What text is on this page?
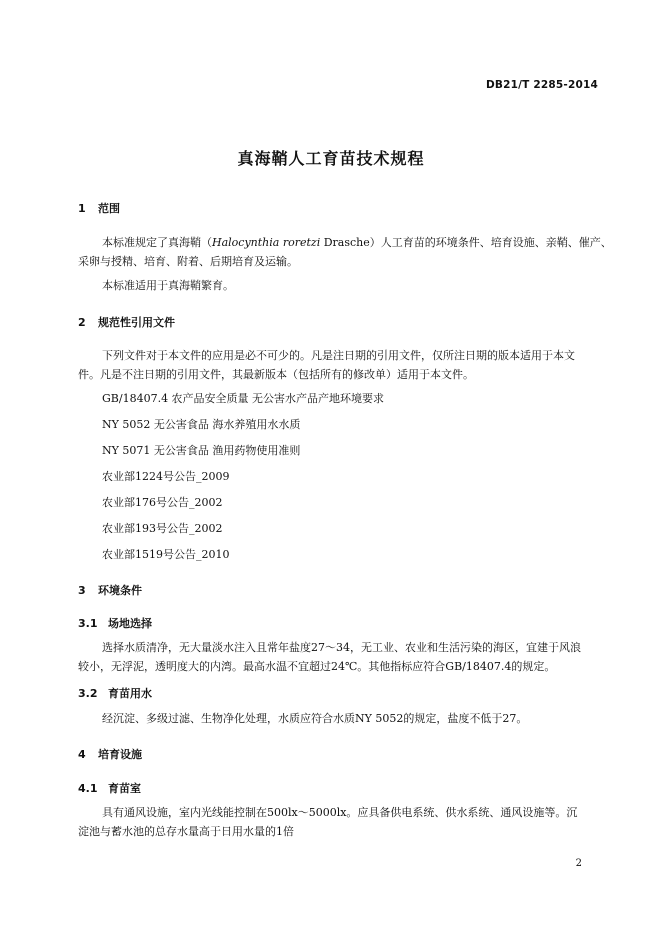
DB21/T 2285-2014
真海鞘人工育苗技术规程
1 范围
本标准规定了真海鞘（Halocynthia roretzi Drasche）人工育苗的环境条件、培育设施、亲鞘、催产、
采卵与授精、培育、附着、后期培育及运输。
本标准适用于真海鞘繁育。
2 规范性引用文件
下列文件对于本文件的应用是必不可少的。凡是注日期的引用文件，仅所注日期的版本适用于本文
件。凡是不注日期的引用文件，其最新版本（包括所有的修改单）适用于本文件。
GB/18407.4 农产品安全质量 无公害水产品产地环境要求
NY 5052 无公害食品 海水养殖用水水质
NY 5071 无公害食品 渔用药物使用准则
农业部1224号公告_2009
农业部176号公告_2002
农业部193号公告_2002
农业部1519号公告_2010
3 环境条件
3.1 场地选择
选择水质清净，无大量淡水注入且常年盐度27～34，无工业、农业和生活污染的海区，宜建于风浪
较小，无浮泥，透明度大的内湾。最高水温不宜超过24℃。其他指标应符合GB/18407.4的规定。
3.2 育苗用水
经沉淀、多级过滤、生物净化处理，水质应符合水质NY 5052的规定，盐度不低于27。
4 培育设施
4.1 育苗室
具有通风设施，室内光线能控制在500lx～5000lx。应具备供电系统、供水系统、通风设施等。沉
淀池与蓄水池的总存水量高于日用水量的1倍
2
